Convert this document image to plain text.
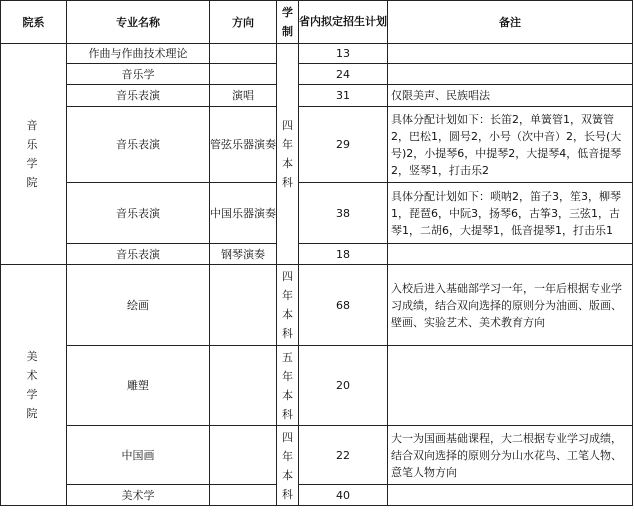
院系	专业名称	方向	学制	省内拟定招生计划	备注

音乐学院	作曲与作曲技术理论		四年本科	13	
	音乐学			24	
	音乐表演	演唱		31	仅限美声、民族唱法
	音乐表演	管弦乐器演奏		29	具体分配计划如下：长笛2，单簧管1，双簧管2，巴松1，圆号2，小号（次中音）2，长号(大号)2，小提琴6，中提琴2，大提琴4，低音提琴2，竖琴1，打击乐2
	音乐表演	中国乐器演奏		38	具体分配计划如下：唢呐2，笛子3，笙3，柳琴1，琵琶6，中阮3，扬琴6，古筝3，三弦1，古琴1，二胡6，大提琴1，低音提琴1，打击乐1
	音乐表演	钢琴演奏		18	

美术学院	绘画		四年本科	68	入校后进入基础部学习一年，一年后根据专业学习成绩，结合双向选择的原则分为油画、版画、壁画、实验艺术、美术教育方向
	雕塑		五年本科	20	
	中国画		四年本科	22	大一为国画基础课程，大二根据专业学习成绩，结合双向选择的原则分为山水花鸟、工笔人物、意笔人物方向
	美术学			40	
